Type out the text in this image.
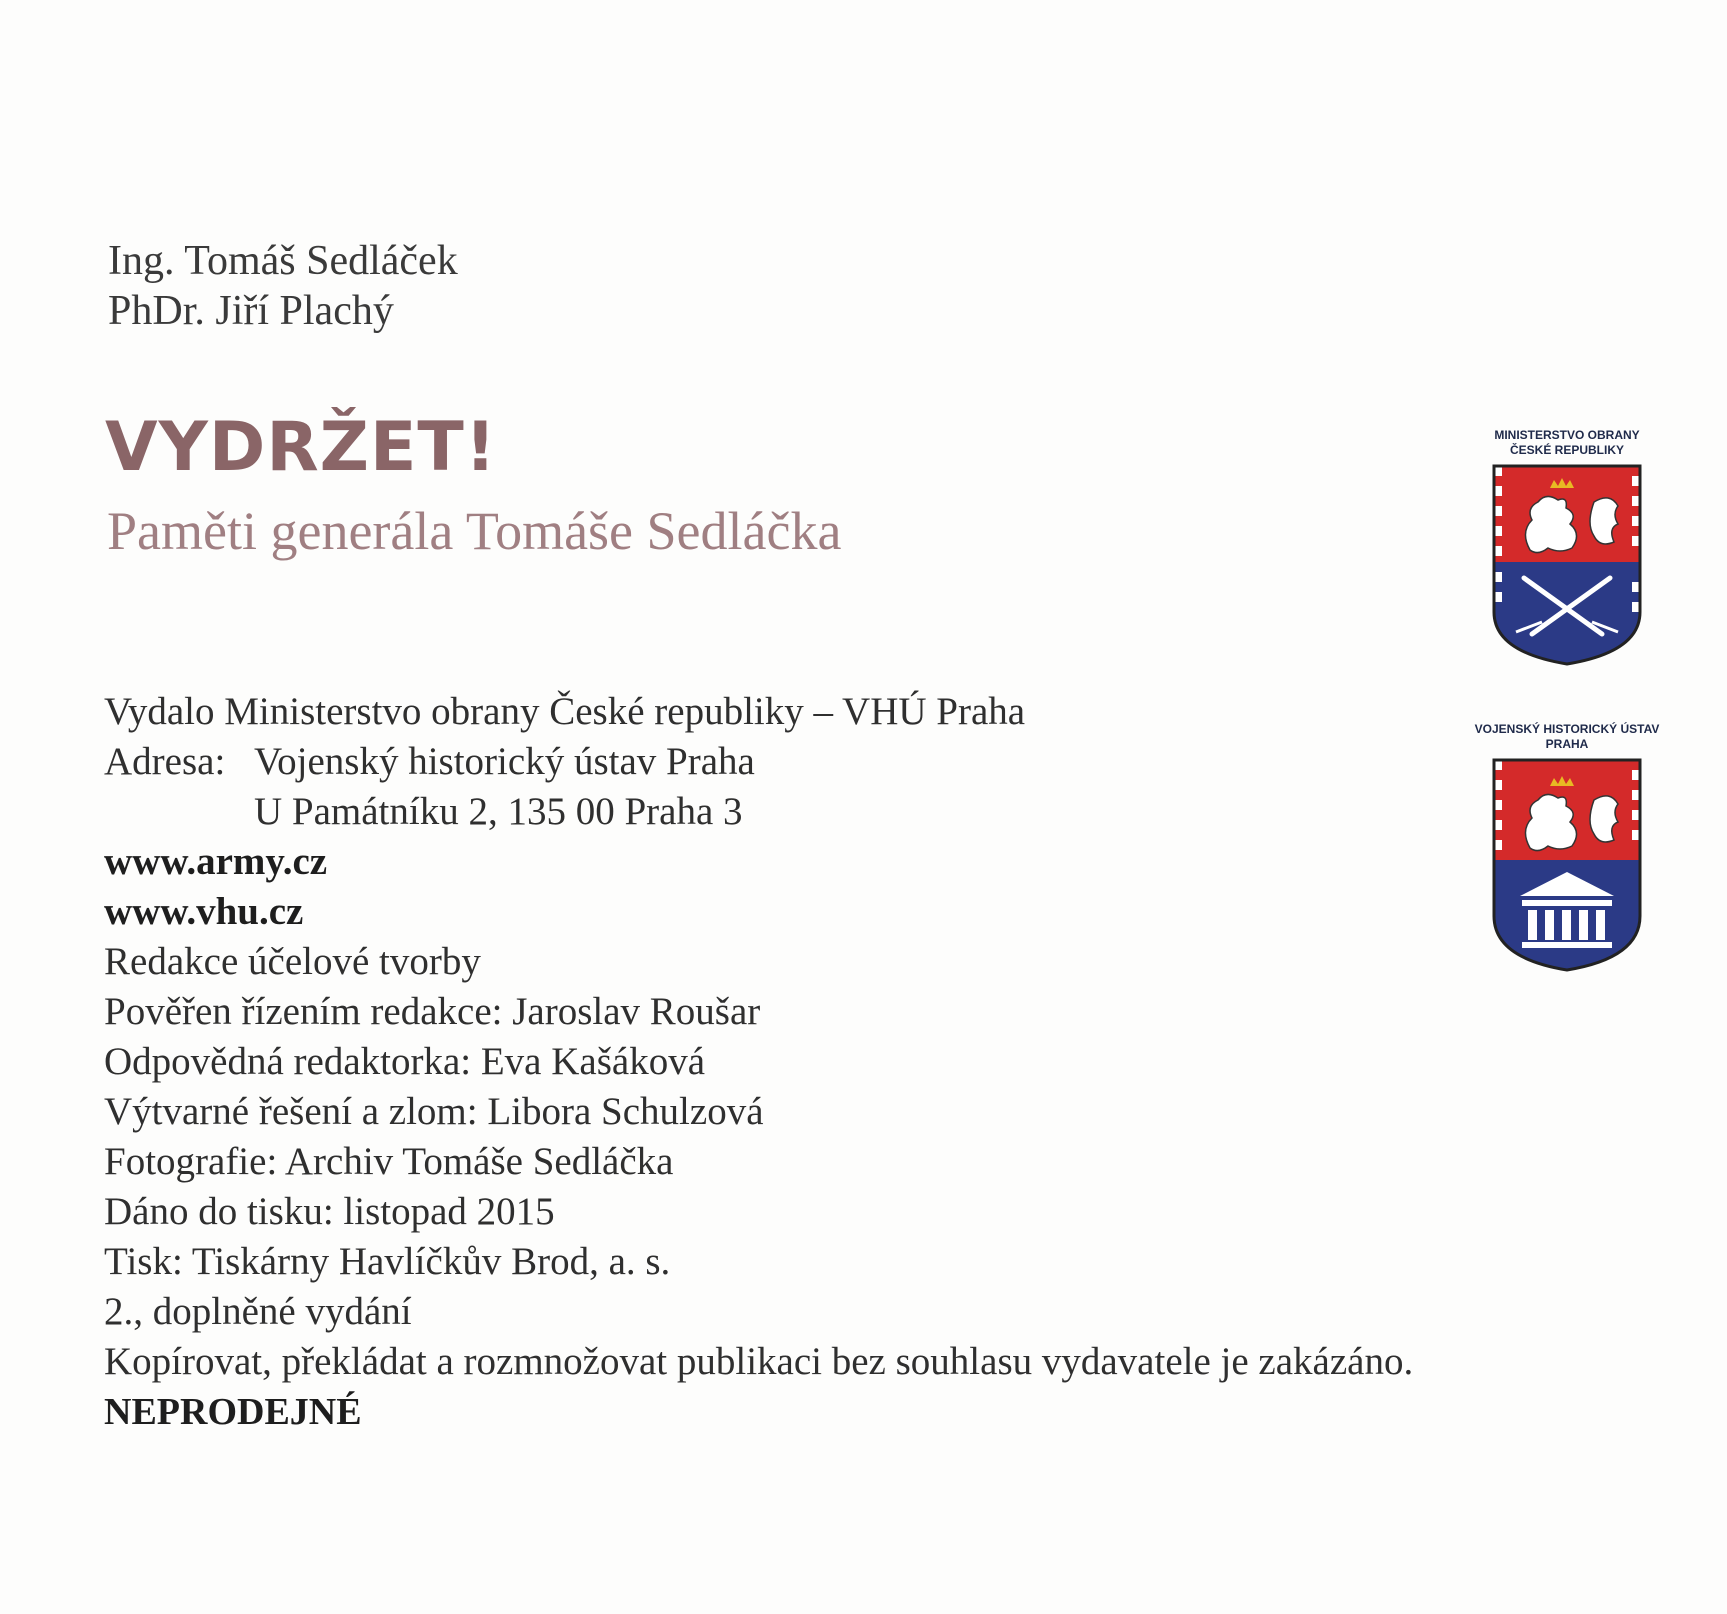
Ing. Tomáš Sedláček
PhDr. Jiří Plachý
VYDRŽET!
Paměti generála Tomáše Sedláčka
Vydalo Ministerstvo obrany České republiky – VHÚ Praha
Adresa: Vojenský historický ústav Praha
U Památníku 2, 135 00 Praha 3
www.army.cz
www.vhu.cz
Redakce účelové tvorby
Pověřen řízením redakce: Jaroslav Roušar
Odpovědná redaktorka: Eva Kašáková
Výtvarné řešení a zlom: Libora Schulzová
Fotografie: Archiv Tomáše Sedláčka
Dáno do tisku: listopad 2015
Tisk: Tiskárny Havlíčkův Brod, a. s.
2., doplněné vydání
Kopírovat, překládat a rozmnožovat publikaci bez souhlasu vydavatele je zakázáno.
NEPRODEJNÉ
MINISTERSTVO OBRANY
ČESKÉ REPUBLIKY
VOJENSKÝ HISTORICKÝ ÚSTAV
PRAHA
